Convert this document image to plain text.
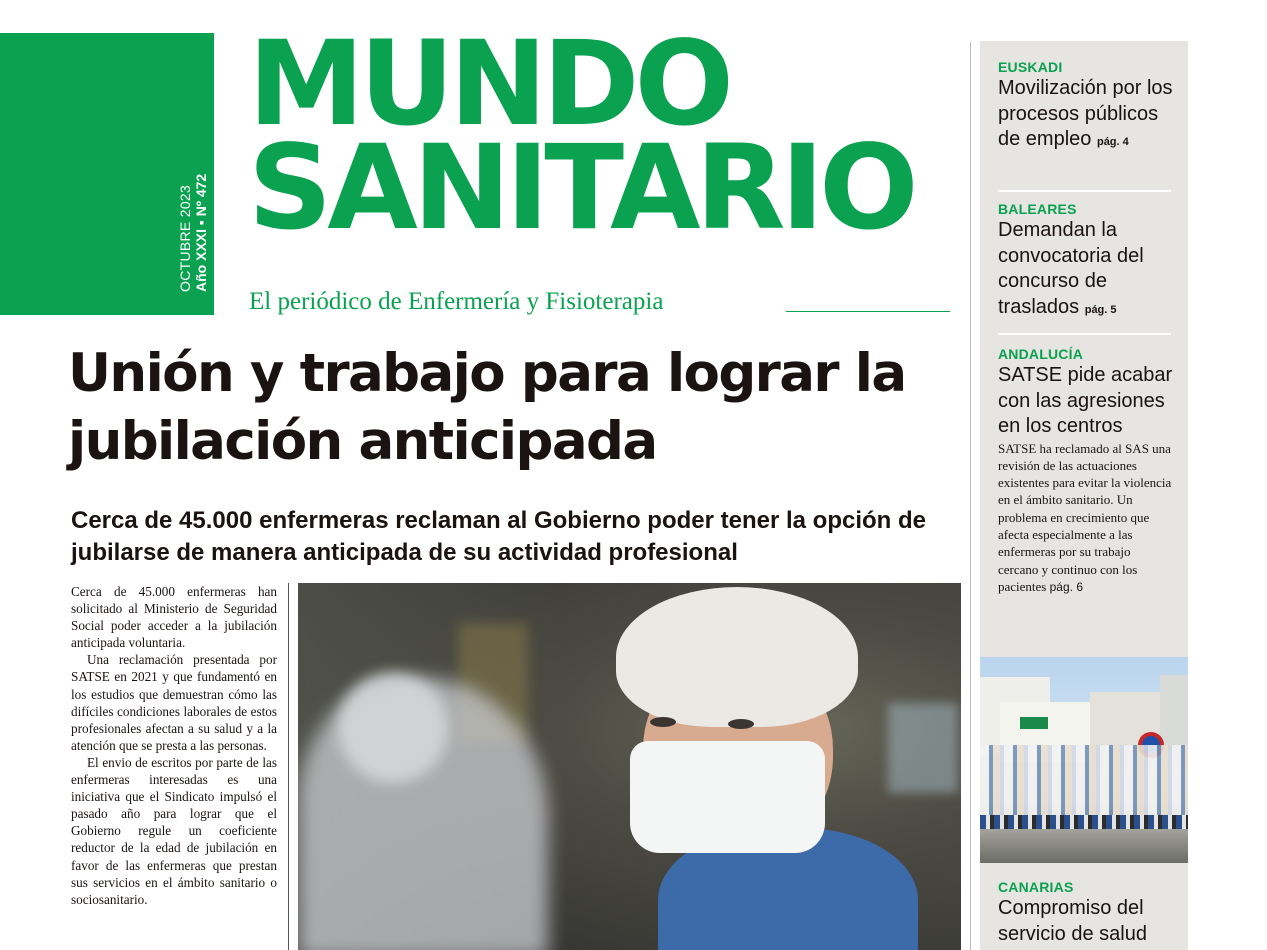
OCTUBRE 2023 Año XXXI ▪ Nº 472
MUNDO
SANITARIO
El periódico de Enfermería y Fisioterapia
Unión y trabajo para lograr la jubilación anticipada
Cerca de 45.000 enfermeras reclaman al Gobierno poder tener la opción de jubilarse de manera anticipada de su actividad profesional

Cerca de 45.000 enfermeras han solicitado al Ministerio de Seguridad Social poder acceder a la jubilación anticipada voluntaria.

Una reclamación presentada por SATSE en 2021 y que fundamentó en los estudios que demuestran cómo las difíciles condiciones laborales de estos profesionales afectan a su salud y a la atención que se presta a las personas.

El envio de escritos por parte de las enfermeras interesadas es una iniciativa que el Sindicato impulsó el pasado año para lograr que el Gobierno regule un coeficiente reductor de la edad de jubilación en favor de las enfermeras que prestan sus servicios en el ámbito sanitario o sociosanitario.

EUSKADI
Movilización por los procesos públicos de empleo pág. 4
BALEARES
Demandan la convocatoria del concurso de traslados pág. 5
ANDALUCÍA
SATSE pide acabar con las agresiones en los centros
SATSE ha reclamado al SAS una revisión de las actuaciones existentes para evitar la violencia en el ámbito sanitario. Un problema en crecimiento que afecta especialmente a las enfermeras por su trabajo cercano y continuo con los pacientes pág. 6
CANARIAS
Compromiso del servicio de salud
